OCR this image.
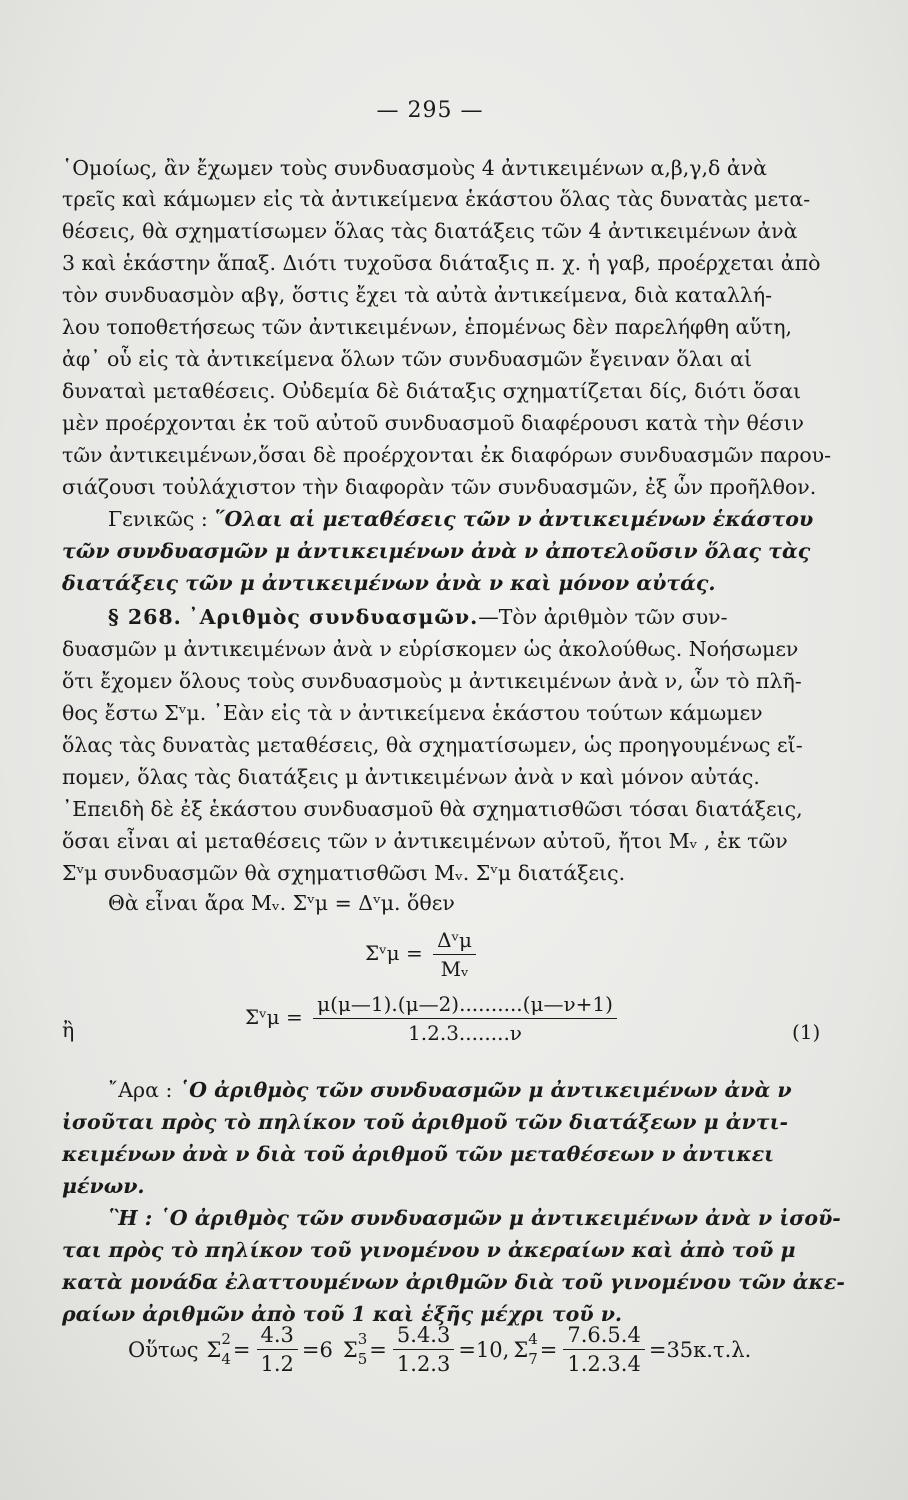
— 295 —
῾Ομοίως, ἂν ἔχωμεν τοὺς συνδυασμοὺς 4 ἀντικειμένων α,β,γ,δ ἀνὰ
τρεῖς καὶ κάμωμεν εἰς τὰ ἀντικείμενα ἑκάστου ὅλας τὰς δυνατὰς μετα-
θέσεις, θὰ σχηματίσωμεν ὅλας τὰς διατάξεις τῶν 4 ἀντικειμένων ἀνὰ
3 καὶ ἑκάστην ἅπαξ. Διότι τυχοῦσα διάταξις π. χ. ἡ γαβ, προέρχεται ἀπὸ
τὸν συνδυασμὸν αβγ, ὅστις ἔχει τὰ αὐτὰ ἀντικείμενα, διὰ καταλλή-
λου τοποθετήσεως τῶν ἀντικειμένων, ἑπομένως δὲν παρελήφθη αὕτη,
ἀφ᾽ οὗ εἰς τὰ ἀντικείμενα ὅλων τῶν συνδυασμῶν ἔγειναν ὅλαι αἱ
δυναταὶ μεταθέσεις. Οὐδεμία δὲ διάταξις σχηματίζεται δίς, διότι ὅσαι
μὲν προέρχονται ἐκ τοῦ αὐτοῦ συνδυασμοῦ διαφέρουσι κατὰ τὴν θέσιν
τῶν ἀντικειμένων,ὅσαι δὲ προέρχονται ἐκ διαφόρων συνδυασμῶν παρου-
σιάζουσι τοὐλάχιστον τὴν διαφορὰν τῶν συνδυασμῶν, ἐξ ὧν προῆλθον.
Γενικῶς : ῞Ολαι αἱ μεταθέσεις τῶν ν ἀντικειμένων ἑκάστου
τῶν συνδυασμῶν μ ἀντικειμένων ἀνὰ ν ἀποτελοῦσιν ὅλας τὰς
διατάξεις τῶν μ ἀντικειμένων ἀνὰ ν καὶ μόνον αὐτάς.
§ 268. ᾽Αριθμὸς συνδυασμῶν.—Τὸν ἀριθμὸν τῶν συν-
δυασμῶν μ ἀντικειμένων ἀνὰ ν εὑρίσκομεν ὡς ἀκολούθως. Νοήσωμεν
ὅτι ἔχομεν ὅλους τοὺς συνδυασμοὺς μ ἀντικειμένων ἀνὰ ν, ὧν τὸ πλῆ-
θος ἔστω Σᵛμ. ᾽Εὰν εἰς τὰ ν ἀντικείμενα ἑκάστου τούτων κάμωμεν
ὅλας τὰς δυνατὰς μεταθέσεις, θὰ σχηματίσωμεν, ὡς προηγουμένως εἴ-
πομεν, ὅλας τὰς διατάξεις μ ἀντικειμένων ἀνὰ ν καὶ μόνον αὐτάς.
᾽Επειδὴ δὲ ἐξ ἑκάστου συνδυασμοῦ θὰ σχηματισθῶσι τόσαι διατάξεις,
ὅσαι εἶναι αἱ μεταθέσεις τῶν ν ἀντικειμένων αὐτοῦ, ἤτοι Mᵥ , ἐκ τῶν
Σᵛμ συνδυασμῶν θὰ σχηματισθῶσι Mᵥ. Σᵛμ διατάξεις.
Θὰ εἶναι ἄρα Mᵥ. Σᵛμ = Δᵛμ. ὅθεν
Σᵛμ = $\frac{\text{Δᵛμ}}{\text{Mᵥ}}$
ἢ
Σᵛμ = $\frac{\mu(\mu—1).(\mu—2)..........(\mu—\nu+1)}{1.2.3........\nu}$	(1)
῎Αρα : ῾Ο ἀριθμὸς τῶν συνδυασμῶν μ ἀντικειμένων ἀνὰ ν
ἰσοῦται πρὸς τὸ πηλίκον τοῦ ἀριθμοῦ τῶν διατάξεων μ ἀντι-
κειμένων ἀνὰ ν διὰ τοῦ ἀριθμοῦ τῶν μεταθέσεων ν ἀντικει
μένων.
῝Η : ῾Ο ἀριθμὸς τῶν συνδυασμῶν μ ἀντικειμένων ἀνὰ ν ἰσοῦ-
ται πρὸς τὸ πηλίκον τοῦ γινομένου ν ἀκεραίων καὶ ἀπὸ τοῦ μ
κατὰ μονάδα ἐλαττουμένων ἀριθμῶν διὰ τοῦ γινομένου τῶν ἀκε-
ραίων ἀριθμῶν ἀπὸ τοῦ 1 καὶ ἑξῆς μέχρι τοῦ ν.
Οὕτως Σ 2
$4 = \frac{4.3}{1.2} =6$ Σ 3
$5 = \frac{5.4.3}{1.2.3} =10$, Σ 4
$7 = \frac{7.6.5.4}{1.2.3.4} =35\kappa.\tau.\lambda$.
